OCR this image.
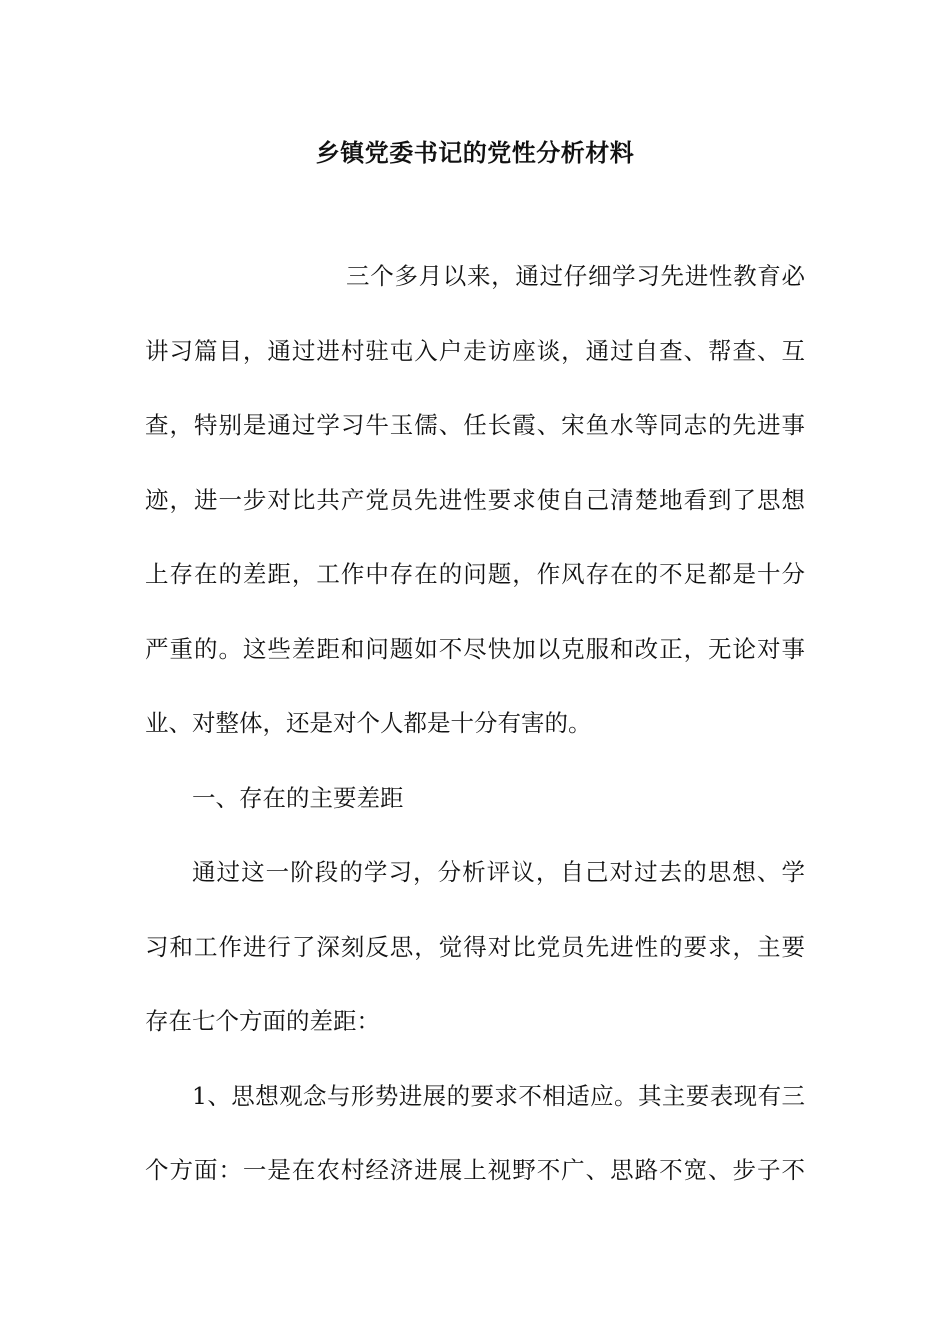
乡镇党委书记的党性分析材料
三个多月以来，通过仔细学习先进性教育必
讲习篇目，通过进村驻屯入户走访座谈，通过自查、帮查、互
查，特别是通过学习牛玉儒、任长霞、宋鱼水等同志的先进事
迹，进一步对比共产党员先进性要求使自己清楚地看到了思想
上存在的差距，工作中存在的问题，作风存在的不足都是十分
严重的。这些差距和问题如不尽快加以克服和改正，无论对事
业、对整体，还是对个人都是十分有害的。
一、存在的主要差距
通过这一阶段的学习，分析评议，自己对过去的思想、学
习和工作进行了深刻反思，觉得对比党员先进性的要求，主要
存在七个方面的差距：
1、思想观念与形势进展的要求不相适应。其主要表现有三
个方面：一是在农村经济进展上视野不广、思路不宽、步子不
